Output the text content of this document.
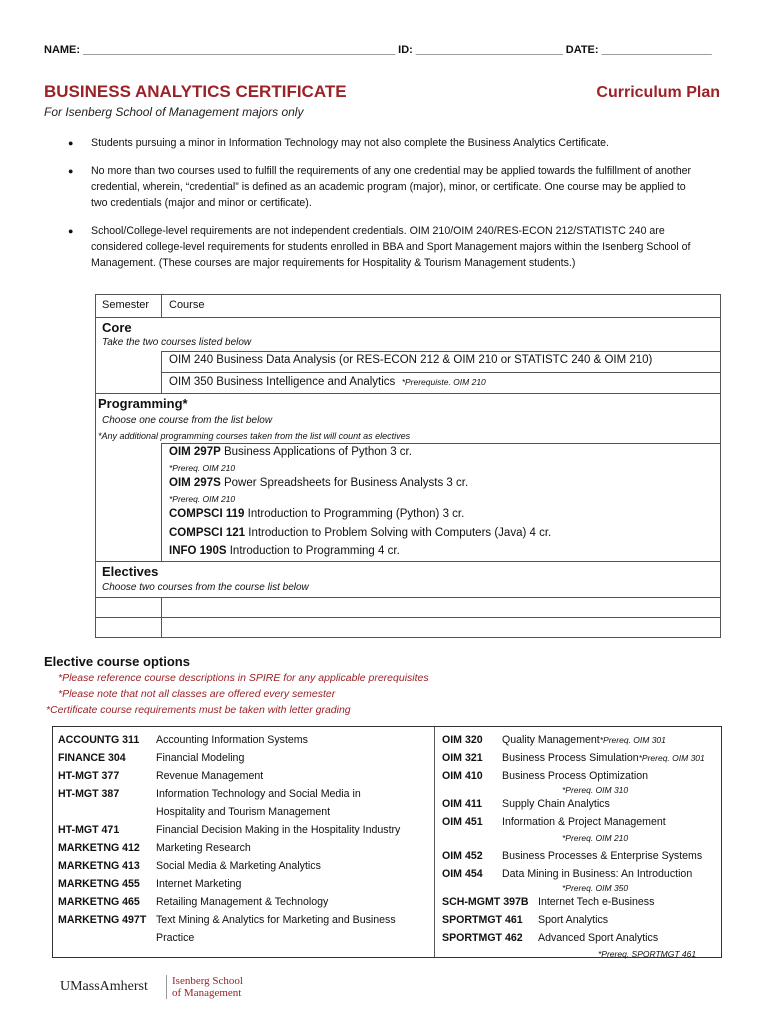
NAME: ___________________________________________________ ID: ________________________ DATE: __________________
BUSINESS ANALYTICS CERTIFICATE	Curriculum Plan
For Isenberg School of Management majors only
● Students pursuing a minor in Information Technology may not also complete the Business Analytics Certificate.
● No more than two courses used to fulfill the requirements of any one credential may be applied towards the fulfillment of another credential, wherein, “credential” is defined as an academic program (major), minor, or certificate. One course may be applied to two credentials (major and minor or certificate).
● School/College-level requirements are not independent credentials. OIM 210/OIM 240/RES-ECON 212/STATISTC 240 are considered college-level requirements for students enrolled in BBA and Sport Management majors within the Isenberg School of Management. (These courses are major requirements for Hospitality & Tourism Management students.)
Semester Course
Core
Take the two courses listed below
OIM 240 Business Data Analysis (or RES-ECON 212 & OIM 210 or STATISTC 240 & OIM 210)
OIM 350 Business Intelligence and Analytics *Prerequiste. OIM 210
Programming*
Choose one course from the list below
*Any additional programming courses taken from the list will count as electives
OIM 297P Business Applications of Python 3 cr.
*Prereq. OIM 210
OIM 297S Power Spreadsheets for Business Analysts 3 cr.
*Prereq. OIM 210
COMPSCI 119 Introduction to Programming (Python) 3 cr.
COMPSCI 121 Introduction to Problem Solving with Computers (Java) 4 cr.
INFO 190S Introduction to Programming 4 cr.
Electives
Choose two courses from the course list below
Elective course options
*Please reference course descriptions in SPIRE for any applicable prerequisites
*Please note that not all classes are offered every semester
*Certificate course requirements must be taken with letter grading
ACCOUNTG 311 Accounting Information Systems
FINANCE 304	Financial Modeling
HT-MGT 377	Revenue Management
HT-MGT 387	Information Technology and Social Media in
Hospitality and Tourism Management
HT-MGT 471	Financial Decision Making in the Hospitality Industry
MARKETNG 412 Marketing Research
MARKETNG 413 Social Media & Marketing Analytics
MARKETNG 455 Internet Marketing
MARKETNG 465 Retailing Management & Technology
MARKETNG 497T Text Mining & Analytics for Marketing and Business
Practice
OIM 320 Quality Management*Prereq. OIM 301
OIM 321 Business Process Simulation*Prereq. OIM 301
OIM 410 Business Process Optimization
*Prereq. OIM 310
OIM 411 Supply Chain Analytics
OIM 451 Information & Project Management
*Prereq. OIM 210
OIM 452 Business Processes & Enterprise Systems
OIM 454 Data Mining in Business: An Introduction
*Prereq. OIM 350
SCH-MGMT 397B Internet Tech e-Business
SPORTMGT 461 Sport Analytics
SPORTMGT 462 Advanced Sport Analytics
*Prereq. SPORTMGT 461
UMassAmherst Isenberg School
of Management
